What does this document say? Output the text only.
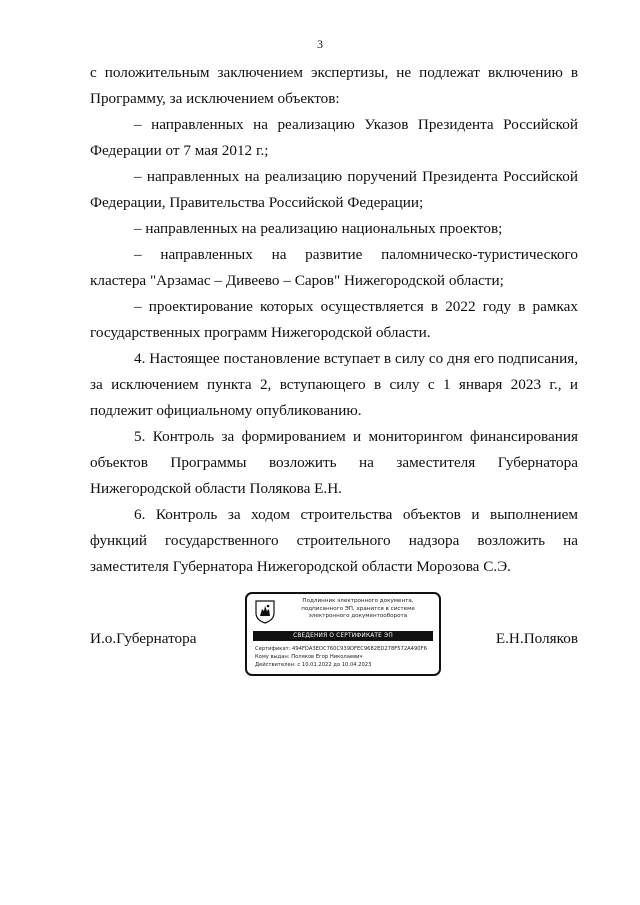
3

с положительным заключением экспертизы, не подлежат включению в Программу, за исключением объектов:

– направленных на реализацию Указов Президента Российской Федерации от 7 мая 2012 г.;

– направленных на реализацию поручений Президента Российской Федерации, Правительства Российской Федерации;

– направленных на реализацию национальных проектов;

– направленных на развитие паломническо-туристического кластера "Арзамас – Дивеево – Саров" Нижегородской области;

– проектирование которых осуществляется в 2022 году в рамках государственных программ Нижегородской области.

4. Настоящее постановление вступает в силу со дня его подписания, за исключением пункта 2, вступающего в силу с 1 января 2023 г., и подлежит официальному опубликованию.

5. Контроль за формированием и мониторингом финансирования объектов Программы возложить на заместителя Губернатора Нижегородской области Полякова Е.Н.

6. Контроль за ходом строительства объектов и выполнением функций государственного строительного надзора возложить на заместителя Губернатора Нижегородской области Морозова С.Э.

И.о.Губернатора
Подлинник электронного документа, подписанного ЭП, хранится в системе электронного документооборота
СВЕДЕНИЯ О СЕРТИФИКАТЕ ЭП
Сертификат: 494FDA3EDC760C939DFEC9682ED278F572A490F6
Кому выдан: Поляков Егор Николаевич
Действителен: с 10.01.2022 до 10.04.2023
Е.Н.Поляков
